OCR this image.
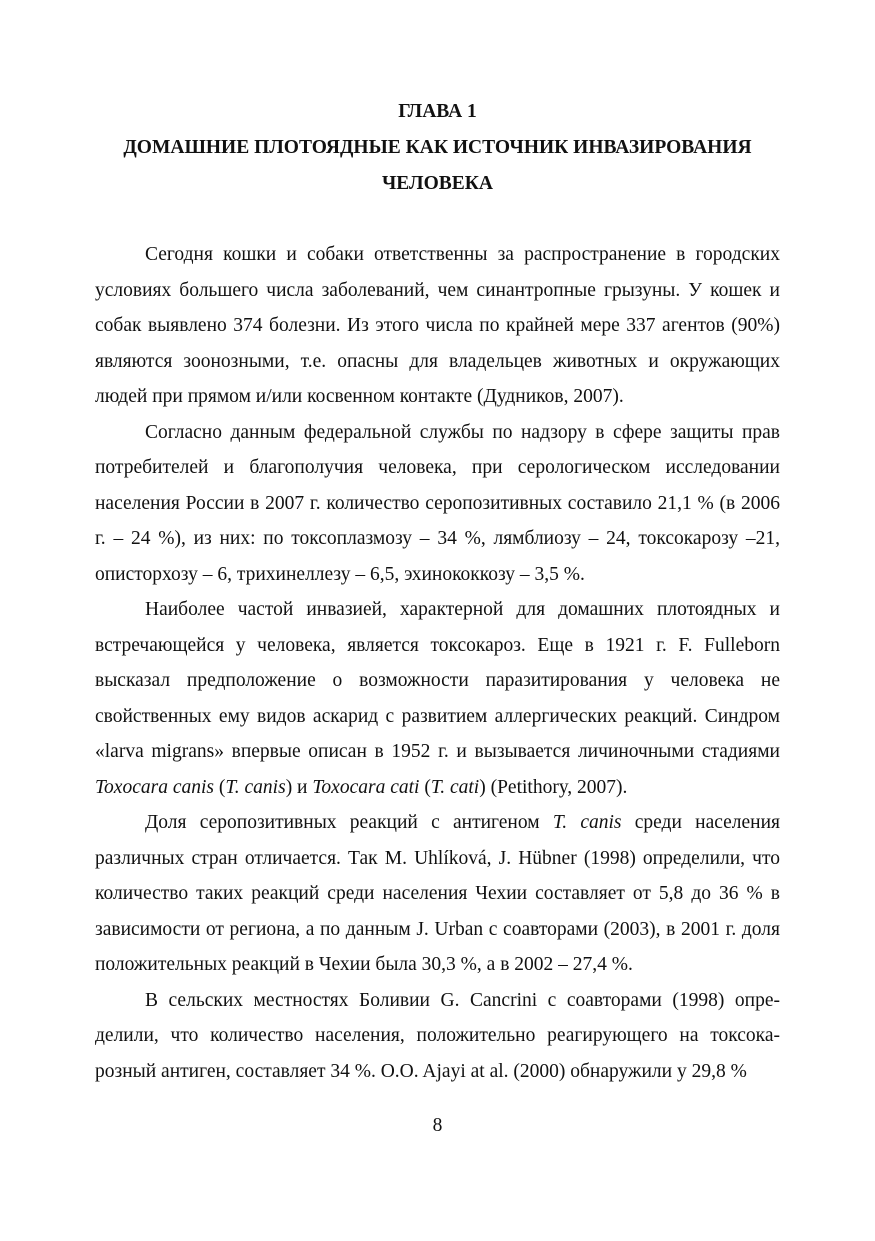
ГЛАВА 1
ДОМАШНИЕ ПЛОТОЯДНЫЕ КАК ИСТОЧНИК ИНВАЗИРОВАНИЯ
ЧЕЛОВЕКА

Сегодня кошки и собаки ответственны за распространение в городских условиях большего числа заболеваний, чем синантропные грызуны. У кошек и собак выявлено 374 болезни. Из этого числа по крайней мере 337 агентов (90%) являются зоонозными, т.е. опасны для владельцев животных и окружающих людей при прямом и/или косвенном контакте (Дудников, 2007).

Согласно данным федеральной службы по надзору в сфере защиты прав потребителей и благополучия человека, при серологическом исследовании населения России в 2007 г. количество серопозитивных составило 21,1 % (в 2006 г. – 24 %), из них: по токсоплазмозу – 34 %, лямблиозу – 24, токсокарозу –21, описторхозу – 6, трихинеллезу – 6,5, эхинококкозу – 3,5 %.

Наиболее частой инвазией, характерной для домашних плотоядных и встречающейся у человека, является токсокароз. Еще в 1921 г. F. Fulleborn высказал предположение о возможности паразитирования у человека не свойственных ему видов аскарид с развитием аллергических реакций. Синдром «larva migrans» впервые описан в 1952 г. и вызывается личиночными стадиями Toxocara canis (T. canis) и Toxocara cati (T. cati) (Petithory, 2007).

Доля серопозитивных реакций с антигеном T. canis среди населения различных стран отличается. Так M. Uhlíková, J. Hübner (1998) определили, что количество таких реакций среди населения Чехии составляет от 5,8 до 36 % в зависимости от региона, а по данным J. Urban с соавторами (2003), в 2001 г. доля положительных реакций в Чехии была 30,3 %, а в 2002 – 27,4 %.

В сельских местностях Боливии G. Cancrini с соавторами (1998) определили, что количество населения, положительно реагирующего на токсокарозный антиген, составляет 34 %. O.O. Ajayi at al. (2000) обнаружили у 29,8 %

8
